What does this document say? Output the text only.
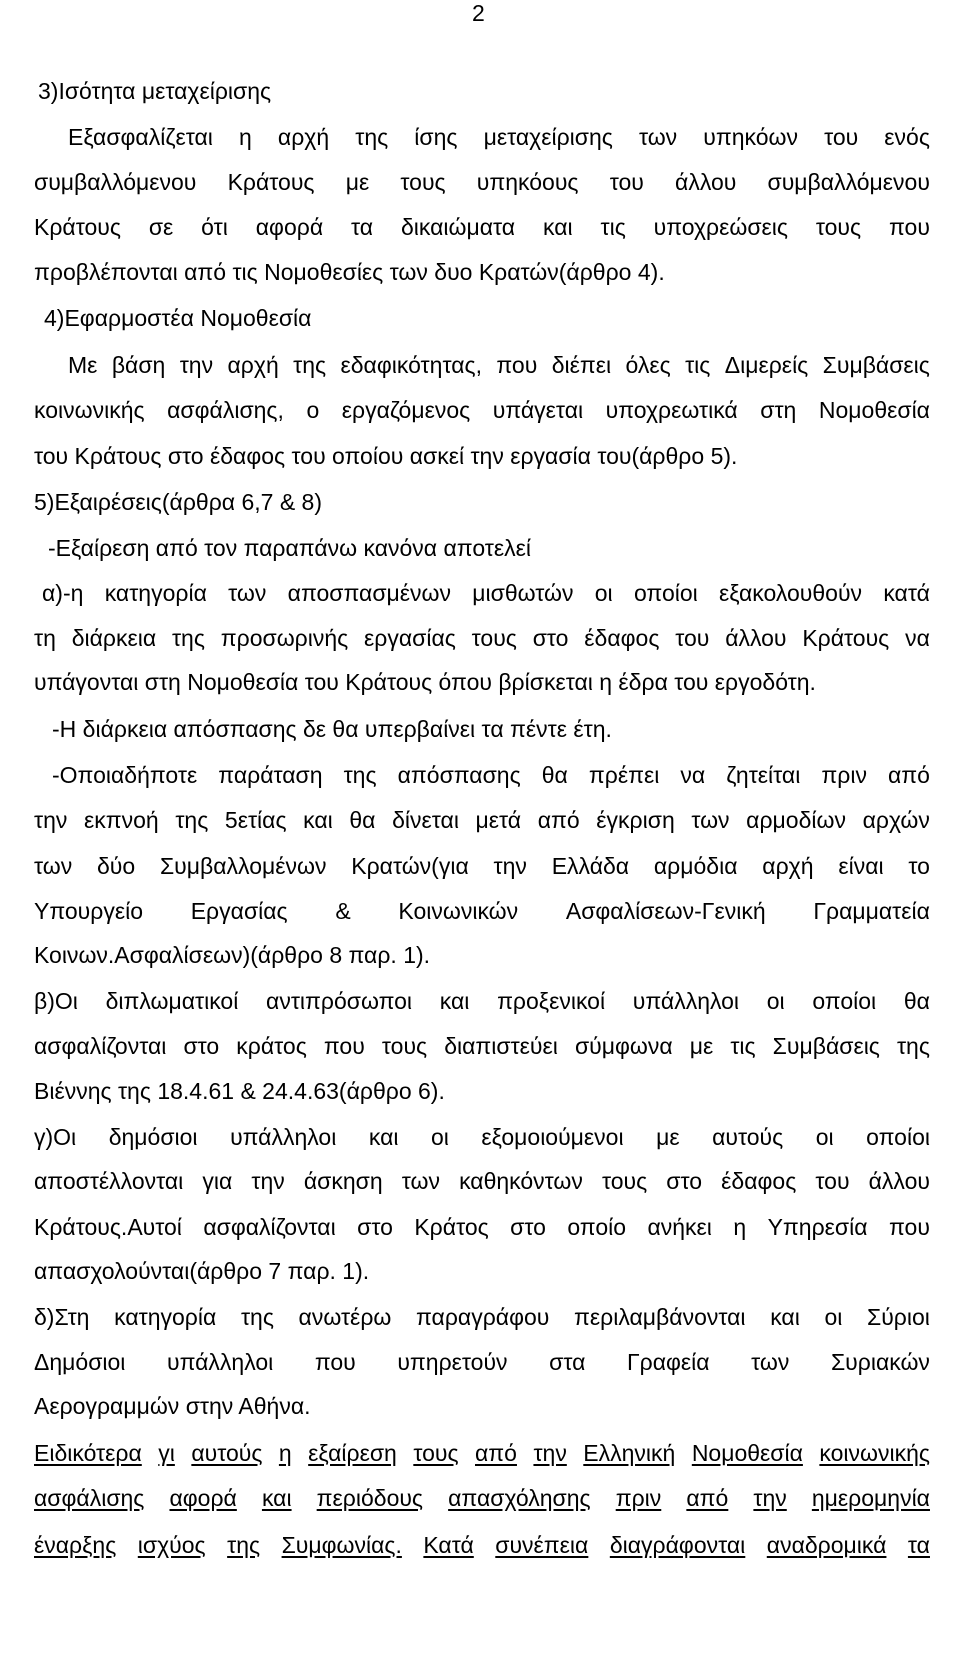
2
3)Ισότητα μεταχείρισης
Εξασφαλίζεται η αρχή της ίσης μεταχείρισης των υπηκόων του ενός
συμβαλλόμενου Κράτους με τους υπηκόους του άλλου συμβαλλόμενου
Κράτους σε ότι αφορά τα δικαιώματα και τις υποχρεώσεις τους που
προβλέπονται από τις Νομοθεσίες των δυο Κρατών(άρθρο 4).
4)Εφαρμοστέα Νομοθεσία
Με βάση την αρχή της εδαφικότητας, που διέπει όλες τις Διμερείς Συμβάσεις
κοινωνικής ασφάλισης, ο εργαζόμενος υπάγεται υποχρεωτικά στη Νομοθεσία
του Κράτους στο έδαφος του οποίου ασκεί την εργασία του(άρθρο 5).
5)Εξαιρέσεις(άρθρα 6,7 & 8)
-Εξαίρεση από τον παραπάνω κανόνα αποτελεί
α)-η κατηγορία των αποσπασμένων μισθωτών οι οποίοι εξακολουθούν κατά
τη διάρκεια της προσωρινής εργασίας τους στο έδαφος του άλλου Κράτους να
υπάγονται στη Νομοθεσία του Κράτους όπου βρίσκεται η έδρα του εργοδότη.
-Η διάρκεια απόσπασης δε θα υπερβαίνει τα πέντε έτη.
-Οποιαδήποτε παράταση της απόσπασης θα πρέπει να ζητείται πριν από
την εκπνοή της 5ετίας και θα δίνεται μετά από έγκριση των αρμοδίων αρχών
των δύο Συμβαλλομένων Κρατών(για την Ελλάδα αρμόδια αρχή είναι το
Υπουργείο Εργασίας & Κοινωνικών Ασφαλίσεων-Γενική Γραμματεία
Κοινων.Ασφαλίσεων)(άρθρο 8 παρ. 1).
β)Οι διπλωματικοί αντιπρόσωποι και προξενικοί υπάλληλοι οι οποίοι θα
ασφαλίζονται στο κράτος που τους διαπιστεύει σύμφωνα με τις Συμβάσεις της
Βιέννης της 18.4.61 & 24.4.63(άρθρο 6).
γ)Οι δημόσιοι υπάλληλοι και οι εξομοιούμενοι με αυτούς οι οποίοι
αποστέλλονται για την άσκηση των καθηκόντων τους στο έδαφος του άλλου
Κράτους.Αυτοί ασφαλίζονται στο Κράτος στο οποίο ανήκει η Υπηρεσία που
απασχολούνται(άρθρο 7 παρ. 1).
δ)Στη κατηγορία της ανωτέρω παραγράφου περιλαμβάνονται και οι Σύριοι
Δημόσιοι υπάλληλοι που υπηρετούν στα Γραφεία των Συριακών
Αερογραμμών στην Αθήνα.
Ειδικότερα γι αυτούς η εξαίρεση τους από την Ελληνική Νομοθεσία κοινωνικής
ασφάλισης αφορά και περιόδους απασχόλησης πριν από την ημερομηνία
έναρξης ισχύος της Συμφωνίας. Κατά συνέπεια διαγράφονται αναδρομικά τα
